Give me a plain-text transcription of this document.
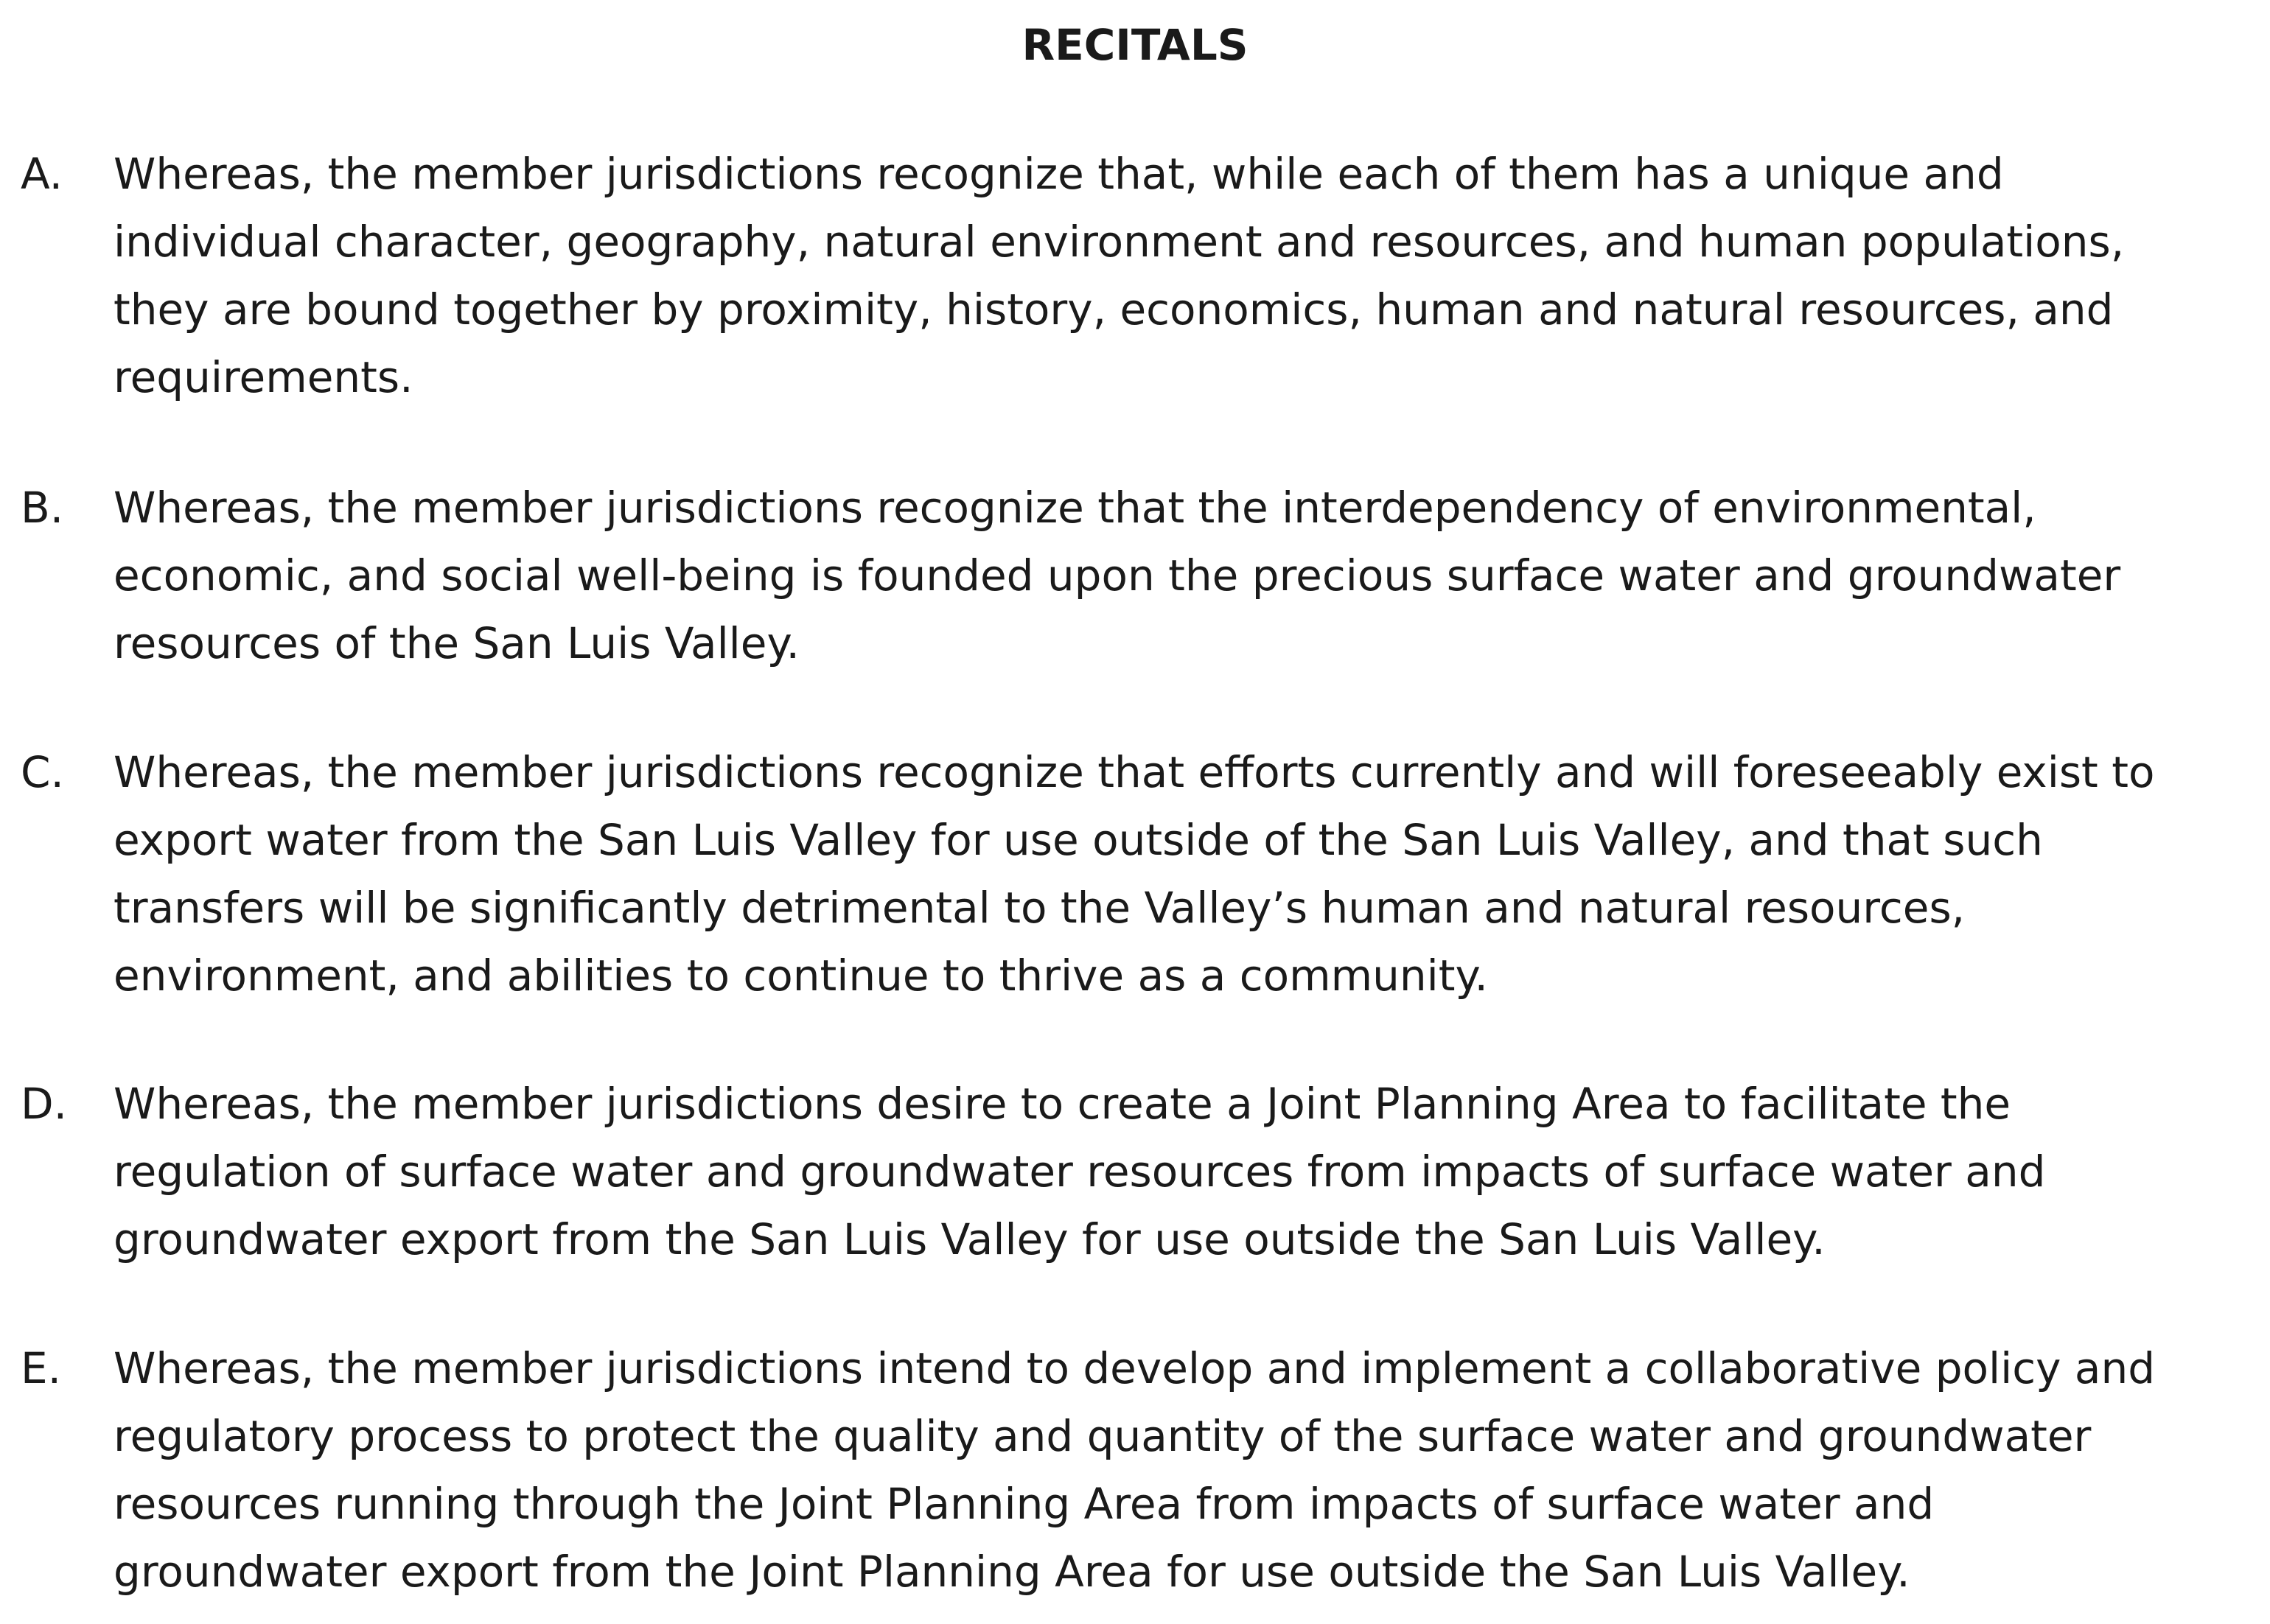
RECITALS
A. Whereas, the member jurisdictions recognize that, while each of them has a unique and
individual character, geography, natural environment and resources, and human populations,
they are bound together by proximity, history, economics, human and natural resources, and
requirements.
B. Whereas, the member jurisdictions recognize that the interdependency of environmental,
economic, and social well-being is founded upon the precious surface water and groundwater
resources of the San Luis Valley.
C. Whereas, the member jurisdictions recognize that efforts currently and will foreseeably exist to
export water from the San Luis Valley for use outside of the San Luis Valley, and that such
transfers will be significantly detrimental to the Valley’s human and natural resources,
environment, and abilities to continue to thrive as a community.
D. Whereas, the member jurisdictions desire to create a Joint Planning Area to facilitate the
regulation of surface water and groundwater resources from impacts of surface water and
groundwater export from the San Luis Valley for use outside the San Luis Valley.
E. Whereas, the member jurisdictions intend to develop and implement a collaborative policy and
regulatory process to protect the quality and quantity of the surface water and groundwater
resources running through the Joint Planning Area from impacts of surface water and
groundwater export from the Joint Planning Area for use outside the San Luis Valley.
